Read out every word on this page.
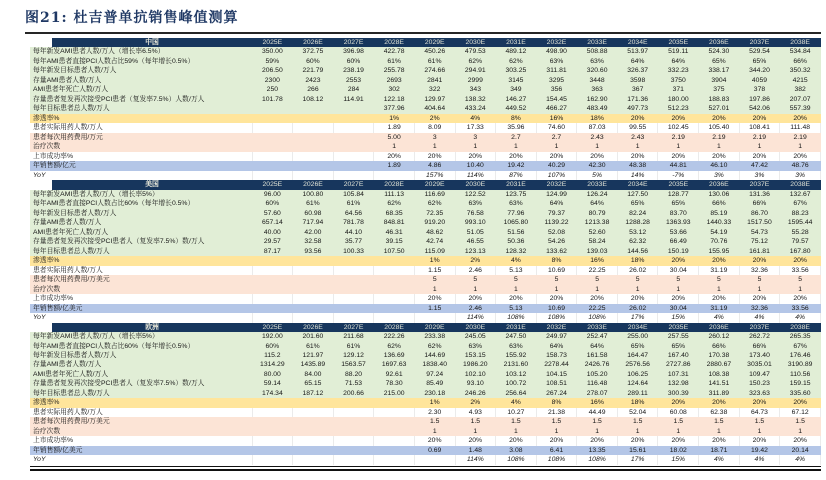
图21: 杜吉普单抗销售峰值测算
中国	2025E	2026E	2027E	2028E	2029E	2030E	2031E	2032E	2033E	2034E	2035E	2036E	2037E	2038E
每年新发AMI患者人数/万人（增长率6.5%）	350.00	372.75	396.98	422.78	450.26	479.53	489.12	498.90	508.88	513.97	519.11	524.30	529.54	534.84
每年AMI患者直接PCI人数占比59%（每年增长0.5%）	59%	60%	60%	61%	61%	62%	62%	63%	63%	64%	64%	65%	65%	66%
每年新发目标患者人数/万人	206.50	221.79	238.19	255.78	274.66	294.91	303.25	311.81	320.60	326.37	332.23	338.17	344.20	350.32
存量AMI患者人数/万人	2300	2423	2553	2693	2841	2999	3145	3295	3448	3598	3750	3904	4059	4215
AMI患者年死亡人数/万人	250	266	284	302	322	343	349	356	363	367	371	375	378	382
存量患者复发再次接受PCI患者（复发率7.5%）人数/万人	101.78	108.12	114.91	122.18	129.97	138.32	146.27	154.45	162.90	171.36	180.00	188.83	197.86	207.07
每年目标患者总人数/万人				377.96	404.64	433.24	449.52	466.27	483.49	497.73	512.23	527.01	542.06	557.39
渗透率%				1%	2%	4%	8%	16%	18%	20%	20%	20%	20%	20%
患者实际用药人数/万人				1.89	8.09	17.33	35.96	74.60	87.03	99.55	102.45	105.40	108.41	111.48
患者每次用药费用/万元				5.00	3	3	2.7	2.7	2.43	2.43	2.19	2.19	2.19	2.19
治疗次数				1	1	1	1	1	1	1	1	1	1	1
上市成功率%				20%	20%	20%	20%	20%	20%	20%	20%	20%	20%	20%
年销售额/亿元				1.89	4.86	10.40	19.42	40.29	42.30	48.38	44.81	46.10	47.42	48.76
YoY					157%	114%	87%	107%	5%	14%	-7%	3%	3%	3%
美国	2025E	2026E	2027E	2028E	2029E	2030E	2031E	2032E	2033E	2034E	2035E	2036E	2037E	2038E
每年新发AMI患者人数/万人（增长率5%）	96.00	100.80	105.84	111.13	116.69	122.52	123.75	124.99	126.24	127.50	128.77	130.06	131.36	132.67
每年AMI患者直接PCI人数占比60%（每年增长0.5%）	60%	61%	61%	62%	62%	63%	63%	64%	64%	65%	65%	66%	66%	67%
每年新发目标患者人数/万人	57.60	60.98	64.56	68.35	72.35	76.58	77.96	79.37	80.79	82.24	83.70	85.19	86.70	88.23
存量AMI患者人数/万人	657.14	717.94	781.78	848.81	919.20	993.10	1065.80	1139.22	1213.38	1288.28	1363.93	1440.33	1517.50	1595.44
AMI患者年死亡人数/万人	40.00	42.00	44.10	46.31	48.62	51.05	51.56	52.08	52.60	53.12	53.66	54.19	54.73	55.28
存量患者复发再次接受PCI患者人（复发率7.5%）数/万人	29.57	32.58	35.77	39.15	42.74	46.55	50.36	54.26	58.24	62.32	66.49	70.76	75.12	79.57
每年目标患者总人数/万人	87.17	93.56	100.33	107.50	115.09	123.13	128.32	133.62	139.03	144.56	150.19	155.95	161.81	167.80
渗透率%					1%	2%	4%	8%	16%	18%	20%	20%	20%	20%
患者实际用药人数/万人					1.15	2.46	5.13	10.69	22.25	26.02	30.04	31.19	32.36	33.56
患者每次用药费用/万美元					5	5	5	5	5	5	5	5	5	5
治疗次数					1	1	1	1	1	1	1	1	1	1
上市成功率%					20%	20%	20%	20%	20%	20%	20%	20%	20%	20%
年销售额/亿美元					1.15	2.46	5.13	10.69	22.25	26.02	30.04	31.19	32.36	33.56
YoY						114%	108%	108%	108%	17%	15%	4%	4%	4%
欧洲	2025E	2026E	2027E	2028E	2029E	2030E	2031E	2032E	2033E	2034E	2035E	2036E	2037E	2038E
每年新发AMI患者人数/万人（增长率5%）	192.00	201.60	211.68	222.26	233.38	245.05	247.50	249.97	252.47	255.00	257.55	260.12	262.72	265.35
每年AMI患者直接PCI人数占比60%（每年增长0.5%）	60%	61%	61%	62%	62%	63%	63%	64%	64%	65%	65%	66%	66%	67%
每年新发目标患者人数/万人	115.2	121.97	129.12	136.69	144.69	153.15	155.92	158.73	161.58	164.47	167.40	170.38	173.40	176.46
存量AMI患者人数/万人	1314.29	1435.89	1563.57	1697.63	1838.40	1986.20	2131.60	2278.44	2426.76	2576.56	2727.86	2880.67	3035.01	3190.89
AMI患者年死亡人数/万人	80.00	84.00	88.20	92.61	97.24	102.10	103.12	104.15	105.20	106.25	107.31	108.38	109.47	110.56
存量患者复发再次接受PCI患者人（复发率7.5%）数/万人	59.14	65.15	71.53	78.30	85.49	93.10	100.72	108.51	116.48	124.64	132.98	141.51	150.23	159.15
每年目标患者总人数/万人	174.34	187.12	200.66	215.00	230.18	246.26	256.64	267.24	278.07	289.11	300.39	311.89	323.63	335.60
渗透率%					1%	2%	4%	8%	16%	18%	20%	20%	20%	20%
患者实际用药人数/万人					2.30	4.93	10.27	21.38	44.49	52.04	60.08	62.38	64.73	67.12
患者每次用药费用/万美元					1.5	1.5	1.5	1.5	1.5	1.5	1.5	1.5	1.5	1.5
治疗次数					1	1	1	1	1	1	1	1	1	1
上市成功率%					20%	20%	20%	20%	20%	20%	20%	20%	20%	20%
年销售额/亿美元					0.69	1.48	3.08	6.41	13.35	15.61	18.02	18.71	19.42	20.14
YoY						114%	108%	108%	108%	17%	15%	4%	4%	4%
